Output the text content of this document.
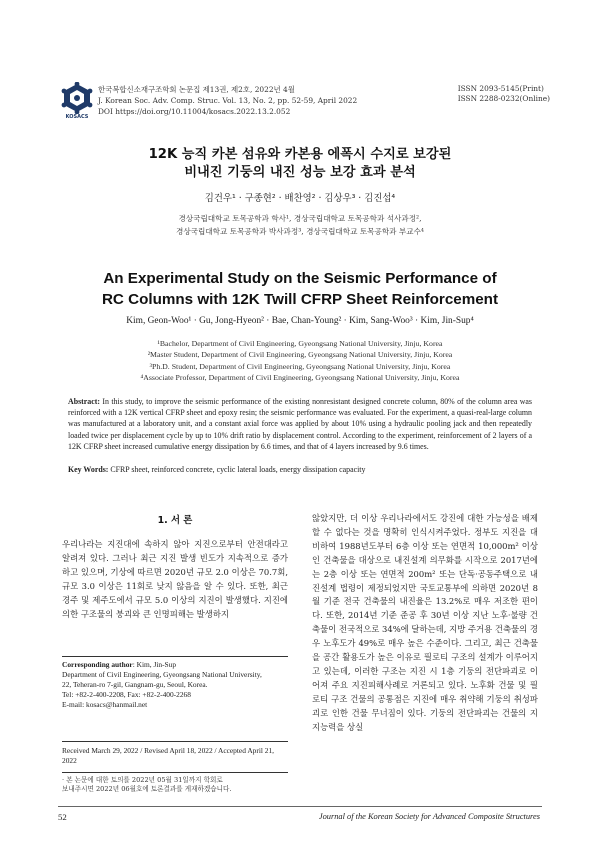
KOSACS
한국복합신소재구조학회 논문집 제13권, 제2호, 2022년 4월
J. Korean Soc. Adv. Comp. Struc. Vol. 13, No. 2, pp. 52-59, April 2022
DOI https://doi.org/10.11004/kosacs.2022.13.2.052
ISSN 2093-5145(Print)
ISSN 2288-0232(Online)
12K 능직 카본 섬유와 카본용 에폭시 수지로 보강된
비내진 기둥의 내진 성능 보강 효과 분석
김건우¹ · 구종현² · 배찬영² · 김상우³ · 김진섭⁴
경상국립대학교 토목공학과 학사¹, 경상국립대학교 토목공학과 석사과정²,
경상국립대학교 토목공학과 박사과정³, 경상국립대학교 토목공학과 부교수⁴
An Experimental Study on the Seismic Performance of
RC Columns with 12K Twill CFRP Sheet Reinforcement
Kim, Geon-Woo¹ · Gu, Jong-Hyeon² · Bae, Chan-Young² · Kim, Sang-Woo³ · Kim, Jin-Sup⁴
¹Bachelor, Department of Civil Engineering, Gyeongsang National University, Jinju, Korea
²Master Student, Department of Civil Engineering, Gyeongsang National University, Jinju, Korea
³Ph.D. Student, Department of Civil Engineering, Gyeongsang National University, Jinju, Korea
⁴Associate Professor, Department of Civil Engineering, Gyeongsang National University, Jinju, Korea
Abstract: In this study, to improve the seismic performance of the existing nonresistant designed concrete column, 80% of the column area was reinforced with a 12K vertical CFRP sheet and epoxy resin; the seismic performance was evaluated. For the experiment, a quasi-real-large column was manufactured at a laboratory unit, and a constant axial force was applied by about 10% using a hydraulic pooling jack and then repeatedly loaded twice per displacement cycle by up to 10% drift ratio by displacement control. According to the experiment, reinforcement of 2 layers of a 12K CFRP sheet increased cumulative energy dissipation by 6.6 times, and that of 4 layers increased by 9.6 times.
Key Words: CFRP sheet, reinforced concrete, cyclic lateral loads, energy dissipation capacity
1. 서 론

우리나라는 지진대에 속하지 않아 지진으로부터 안전대라고 알려져 있다. 그러나 최근 지진 발생 빈도가 지속적으로 증가하고 있으며, 기상에 따르면 2020년 규모 2.0 이상은 70.7회, 규모 3.0 이상은 11회로 낮지 않음을 알 수 있다. 또한, 최근 경주 및 제주도에서 규모 5.0 이상의 지진이 발생했다. 지진에 의한 구조물의 붕괴와 큰 인명피해는 발생하지

않았지만, 더 이상 우리나라에서도 강진에 대한 가능성을 배제할 수 없다는 것을 명확히 인식시켜주었다. 정부도 지진을 대비하여 1988년도부터 6층 이상 또는 연면적 10,000m² 이상인 건축물을 대상으로 내진설계 의무화를 시작으로 2017년에는 2층 이상 또는 연면적 200m² 또는 단독·공동주택으로 내진설계 법령이 제정되었지만 국토교통부에 의하면 2020년 8월 기준 전국 건축물의 내진율은 13.2%로 매우 저조한 편이다. 또한, 2014년 기준 준공 후 30년 이상 지난 노후·불량 건축물이 전국적으로 34%에 달하는데, 지방 주거용 건축물의 경우 노후도가 49%로 매우 높은 수준이다. 그리고, 최근 건축물을 공간 활용도가 높은 이유로 필로티 구조의 설계가 이루어지고 있는데, 이러한 구조는 지진 시 1층 기둥의 전단파괴로 이어져 주요 지진피해사례로 거론되고 있다. 노후화 건물 및 필로티 구조 건물의 공통점은 지진에 매우 취약해 기둥의 취성파괴로 인한 건물 무너짐이 있다. 기둥의 전단파괴는 건물의 지지능력을 상실

Corresponding author: Kim, Jin-Sup
Department of Civil Engineering, Gyeongsang National University,
22, Teheran-ro 7-gil, Gangnam-gu, Seoul, Korea.
Tel: +82-2-400-2208, Fax: +82-2-400-2268
E-mail: kosacs@hanmail.net
Received March 29, 2022 / Revised April 18, 2022 / Accepted April 21, 2022
· 본 논문에 대한 토의를 2022년 05월 31일까지 학회로
보내주시면 2022년 06월호에 토론결과를 게재하겠습니다.
52	Journal of the Korean Society for Advanced Composite Structures
